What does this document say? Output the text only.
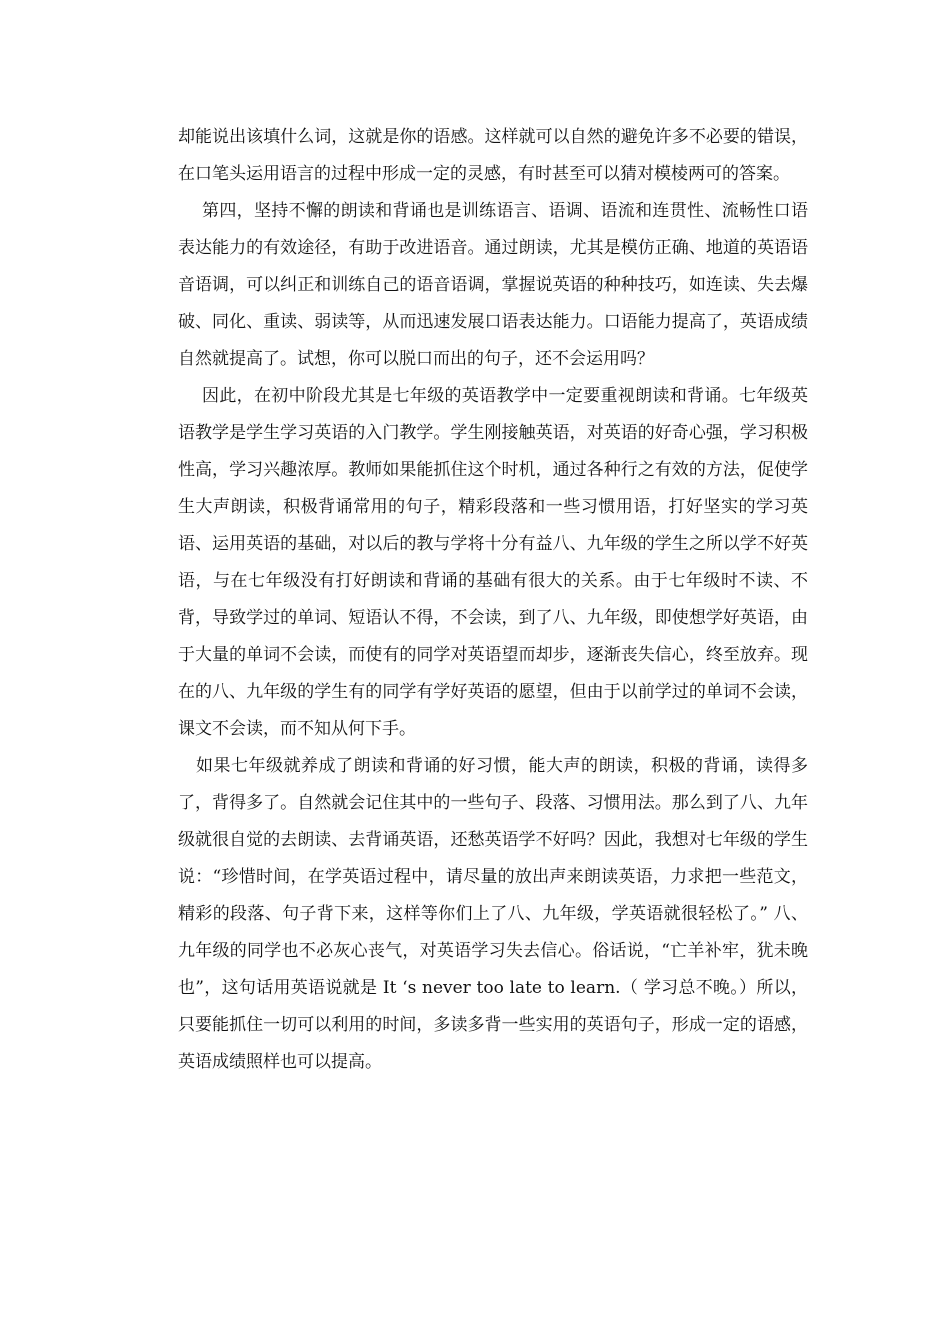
却能说出该填什么词，这就是你的语感。这样就可以自然的避免许多不必要的错误，在口笔头运用语言的过程中形成一定的灵感，有时甚至可以猜对模棱两可的答案。

第四，坚持不懈的朗读和背诵也是训练语言、语调、语流和连贯性、流畅性口语表达能力的有效途径，有助于改进语音。通过朗读，尤其是模仿正确、地道的英语语音语调，可以纠正和训练自己的语音语调，掌握说英语的种种技巧，如连读、失去爆破、同化、重读、弱读等，从而迅速发展口语表达能力。口语能力提高了，英语成绩自然就提高了。试想，你可以脱口而出的句子，还不会运用吗？

因此，在初中阶段尤其是七年级的英语教学中一定要重视朗读和背诵。七年级英语教学是学生学习英语的入门教学。学生刚接触英语，对英语的好奇心强，学习积极性高，学习兴趣浓厚。教师如果能抓住这个时机，通过各种行之有效的方法，促使学生大声朗读，积极背诵常用的句子，精彩段落和一些习惯用语，打好坚实的学习英语、运用英语的基础，对以后的教与学将十分有益八、九年级的学生之所以学不好英语，与在七年级没有打好朗读和背诵的基础有很大的关系。由于七年级时不读、不背，导致学过的单词、短语认不得，不会读，到了八、九年级，即使想学好英语，由于大量的单词不会读，而使有的同学对英语望而却步，逐渐丧失信心，终至放弃。现在的八、九年级的学生有的同学有学好英语的愿望，但由于以前学过的单词不会读，课文不会读，而不知从何下手。

如果七年级就养成了朗读和背诵的好习惯，能大声的朗读，积极的背诵，读得多了，背得多了。自然就会记住其中的一些句子、段落、习惯用法。那么到了八、九年级就很自觉的去朗读、去背诵英语，还愁英语学不好吗？因此，我想对七年级的学生说：“珍惜时间，在学英语过程中，请尽量的放出声来朗读英语，力求把一些范文，精彩的段落、句子背下来，这样等你们上了八、九年级，学英语就很轻松了。” 八、九年级的同学也不必灰心丧气，对英语学习失去信心。俗话说，“亡羊补牢，犹未晚也”，这句话用英语说就是 It ‘s never too late to learn.（ 学习总不晚。）所以，只要能抓住一切可以利用的时间，多读多背一些实用的英语句子，形成一定的语感，英语成绩照样也可以提高。
